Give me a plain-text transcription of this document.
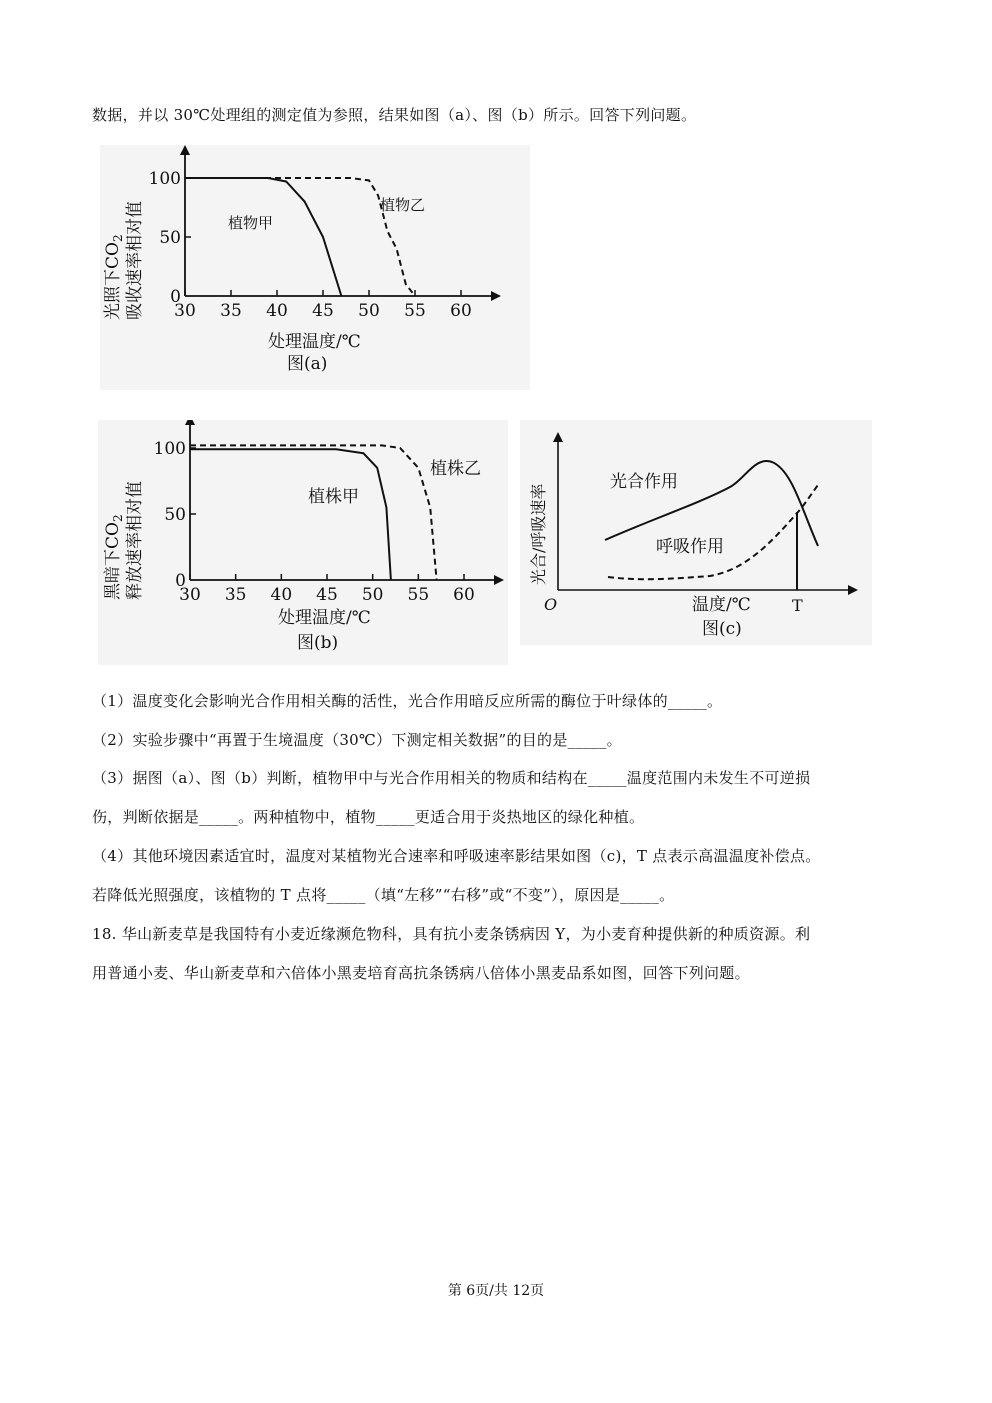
数据，并以 30℃处理组的测定值为参照，结果如图（a）、图（b）所示。回答下列问题。
30 35 40 45 50 55 60
0
50
100
光照下$CO_2$ 吸收速率相对值	植物甲
植物乙
处理温度/℃
图(a)
30 35 40 45 50 55 60
0
50
100
黑暗下$CO_2$ 释放速率相对值	植株甲
植株乙
处理温度/℃
图(b)
光合/呼吸速率
光合作用
呼吸作用
O	T
温度/℃
图(c)
（1）温度变化会影响光合作用相关酶的活性，光合作用暗反应所需的酶位于叶绿体的_____。
（2）实验步骤中“再置于生境温度（30℃）下测定相关数据”的目的是_____。
（3）据图（a）、图（b）判断，植物甲中与光合作用相关的物质和结构在_____温度范围内未发生不可逆损
伤，判断依据是_____。两种植物中，植物_____更适合用于炎热地区的绿化种植。
（4）其他环境因素适宜时，温度对某植物光合速率和呼吸速率影结果如图（c)，T 点表示高温温度补偿点。
若降低光照强度，该植物的 T 点将_____（填“左移”“右移”或“不变”），原因是_____。
18. 华山新麦草是我国特有小麦近缘濒危物科，具有抗小麦条锈病因 Y，为小麦育种提供新的种质资源。利
用普通小麦、华山新麦草和六倍体小黑麦培育高抗条锈病八倍体小黑麦品系如图，回答下列问题。
第 6页/共 12页
